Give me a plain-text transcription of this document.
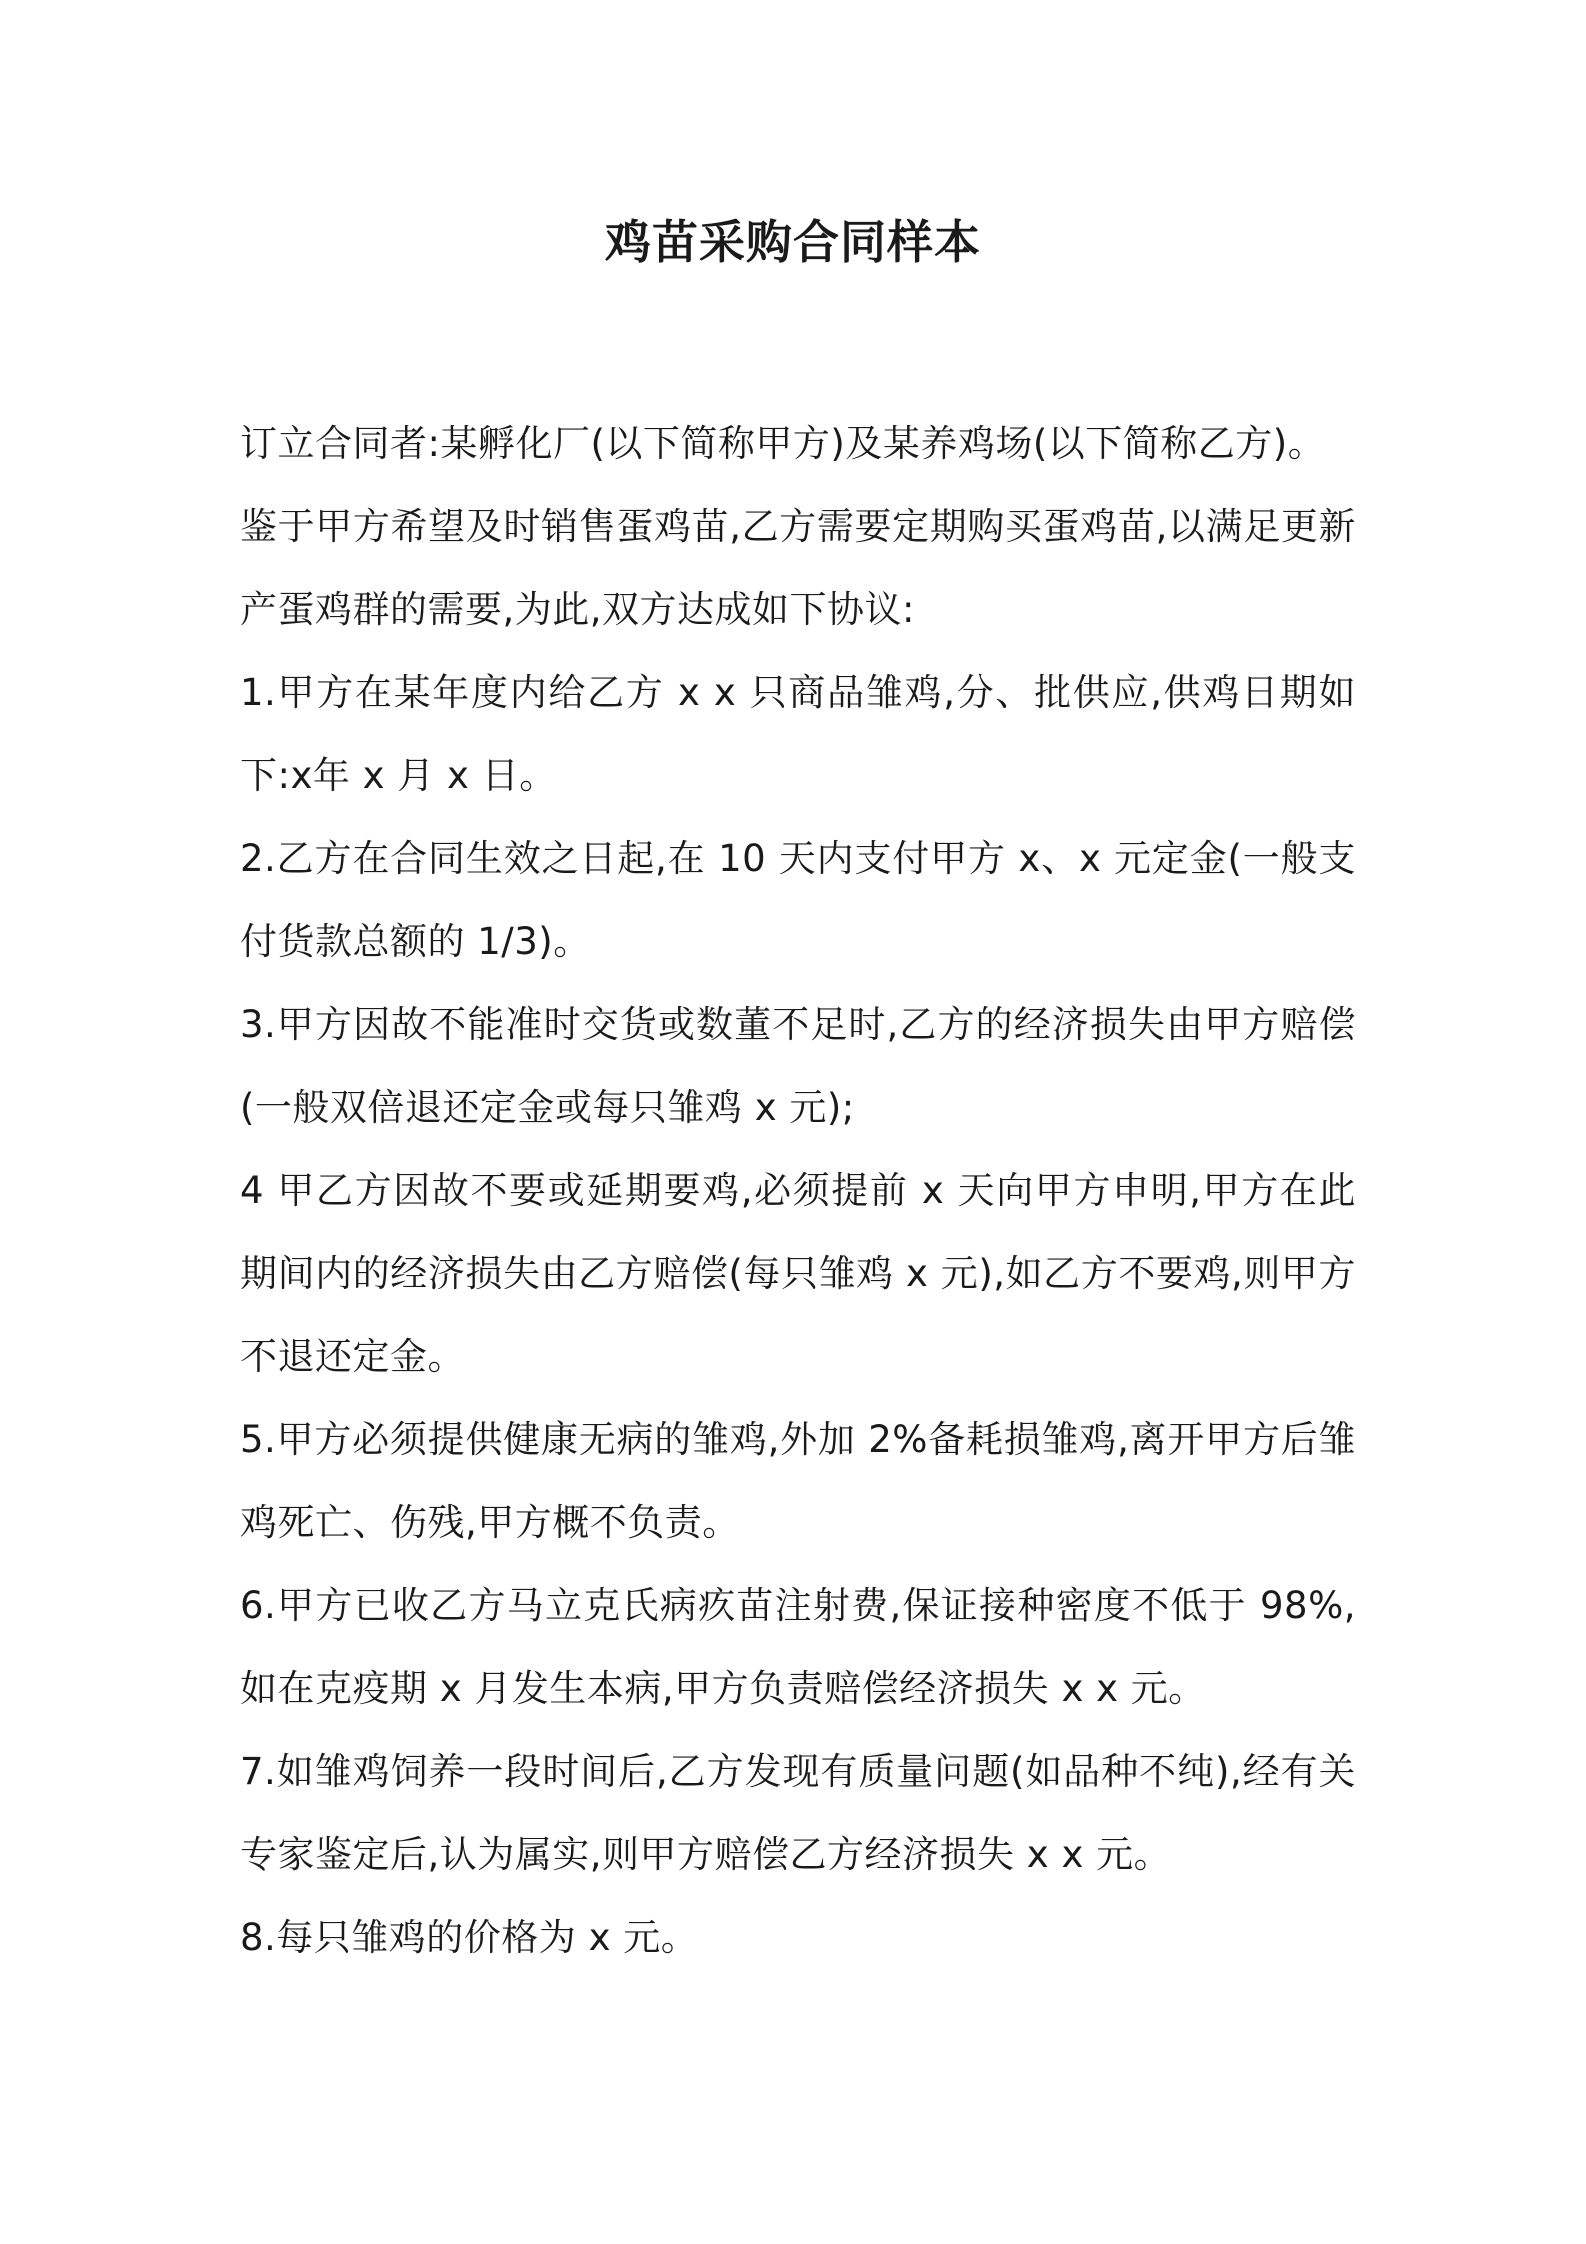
鸡苗采购合同样本

订立合同者:某孵化厂(以下简称甲方)及某养鸡场(以下简称乙方)。

鉴于甲方希望及时销售蛋鸡苗,乙方需要定期购买蛋鸡苗,以满足更新产蛋鸡群的需要,为此,双方达成如下协议:

1.甲方在某年度内给乙方 x x 只商品雏鸡,分、批供应,供鸡日期如下:x年 x 月 x 日。

2.乙方在合同生效之日起,在 10 天内支付甲方 x、x 元定金(一般支付货款总额的 1/3)。

3.甲方因故不能准时交货或数董不足时,乙方的经济损失由甲方赔偿(一般双倍退还定金或每只雏鸡 x 元);

4 甲乙方因故不要或延期要鸡,必须提前 x 天向甲方申明,甲方在此期间内的经济损失由乙方赔偿(每只雏鸡 x 元),如乙方不要鸡,则甲方不退还定金。

5.甲方必须提供健康无病的雏鸡,外加 2%备耗损雏鸡,离开甲方后雏鸡死亡、伤残,甲方概不负责。

6.甲方已收乙方马立克氏病疚苗注射费,保证接种密度不低于 98%,如在克疫期 x 月发生本病,甲方负责赔偿经济损失 x x 元。

7.如雏鸡饲养一段时间后,乙方发现有质量问题(如品种不纯),经有关专家鉴定后,认为属实,则甲方赔偿乙方经济损失 x x 元。

8.每只雏鸡的价格为 x 元。
